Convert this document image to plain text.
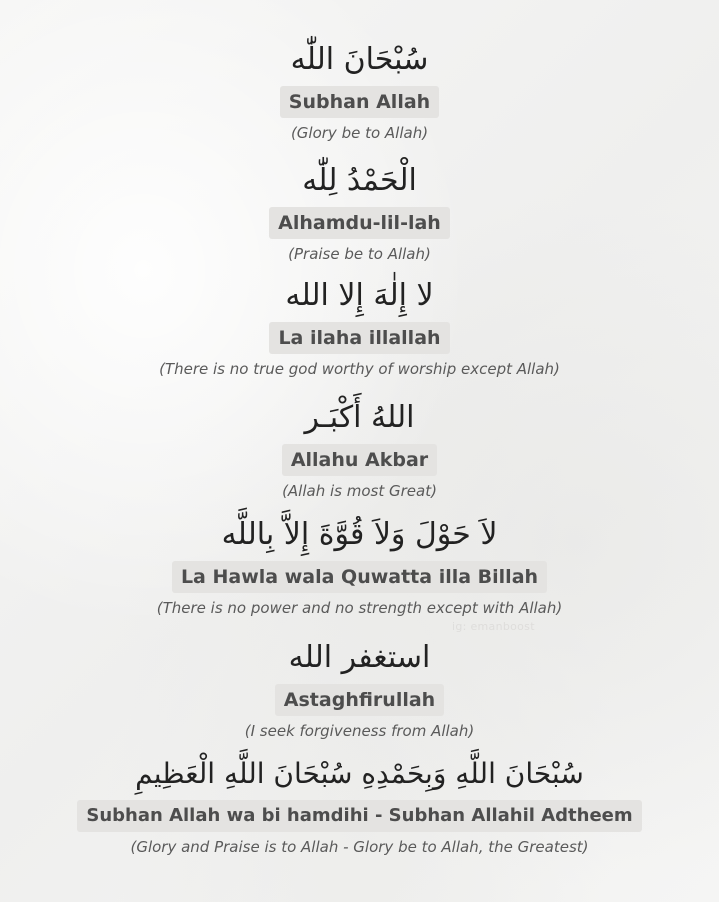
سُبْحَانَ اللّٰه
Subhan Allah
(Glory be to Allah)
الْحَمْدُ لِلّٰه
Alhamdu-lil-lah
(Praise be to Allah)
لا إِلٰهَ إِلا الله
La ilaha illallah
(There is no true god worthy of worship except Allah)
اللهُ أَكْبَـر
Allahu Akbar
(Allah is most Great)
لاَ حَوْلَ وَلاَ قُوَّةَ إِلاَّ بِاللَّه
La Hawla wala Quwatta illa Billah
(There is no power and no strength except with Allah)
ig: emanboost
استغفر الله
Astaghfirullah
(I seek forgiveness from Allah)
سُبْحَانَ اللَّهِ وَبِحَمْدِهِ سُبْحَانَ اللَّهِ الْعَظِيمِ
Subhan Allah wa bi hamdihi - Subhan Allahil Adtheem
(Glory and Praise is to Allah - Glory be to Allah, the Greatest)
